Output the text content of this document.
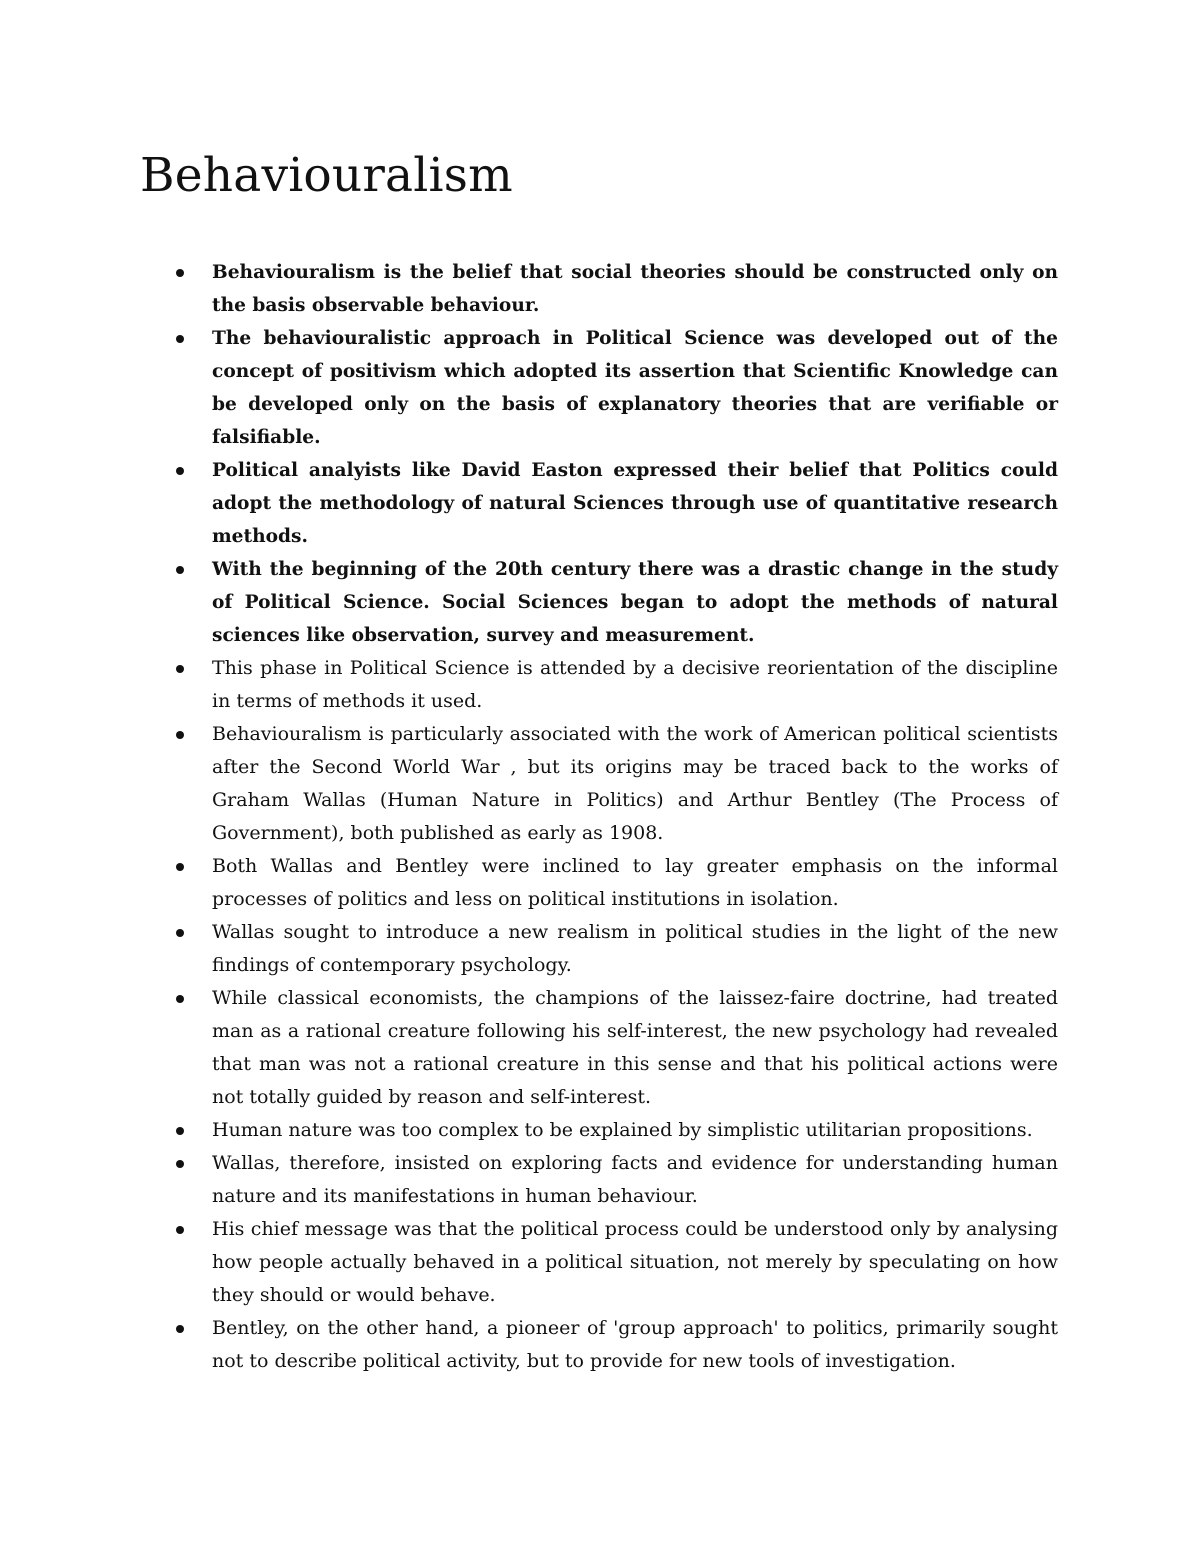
Behaviouralism
Behaviouralism is the belief that social theories should be constructed only on the basis observable behaviour.
The behaviouralistic approach in Political Science was developed out of the concept of positivism which adopted its assertion that Scientific Knowledge can be developed only on the basis of explanatory theories that are verifiable or falsifiable.
Political analyists like David Easton expressed their belief that Politics could adopt the methodology of natural Sciences through use of quantitative research methods.
With the beginning of the 20th century there was a drastic change in the study of Political Science. Social Sciences began to adopt the methods of natural sciences like observation, survey and measurement.
This phase in Political Science is attended by a decisive reorientation of the discipline in terms of methods it used.
Behaviouralism is particularly associated with the work of American political scientists after the Second World War , but its origins may be traced back to the works of Graham Wallas (Human Nature in Politics) and Arthur Bentley (The Process of Government), both published as early as 1908.
Both Wallas and Bentley were inclined to lay greater emphasis on the informal processes of politics and less on political institutions in isolation.
Wallas sought to introduce a new realism in political studies in the light of the new findings of contemporary psychology.
While classical economists, the champions of the laissez-faire doctrine, had treated man as a rational creature following his self-interest, the new psychology had revealed that man was not a rational creature in this sense and that his political actions were not totally guided by reason and self-interest.
Human nature was too complex to be explained by simplistic utilitarian propositions.
Wallas, therefore, insisted on exploring facts and evidence for understanding human nature and its manifestations in human behaviour.
His chief message was that the political process could be understood only by analysing how people actually behaved in a political situation, not merely by speculating on how they should or would behave.
Bentley, on the other hand, a pioneer of 'group approach' to politics, primarily sought not to describe political activity, but to provide for new tools of investigation.
